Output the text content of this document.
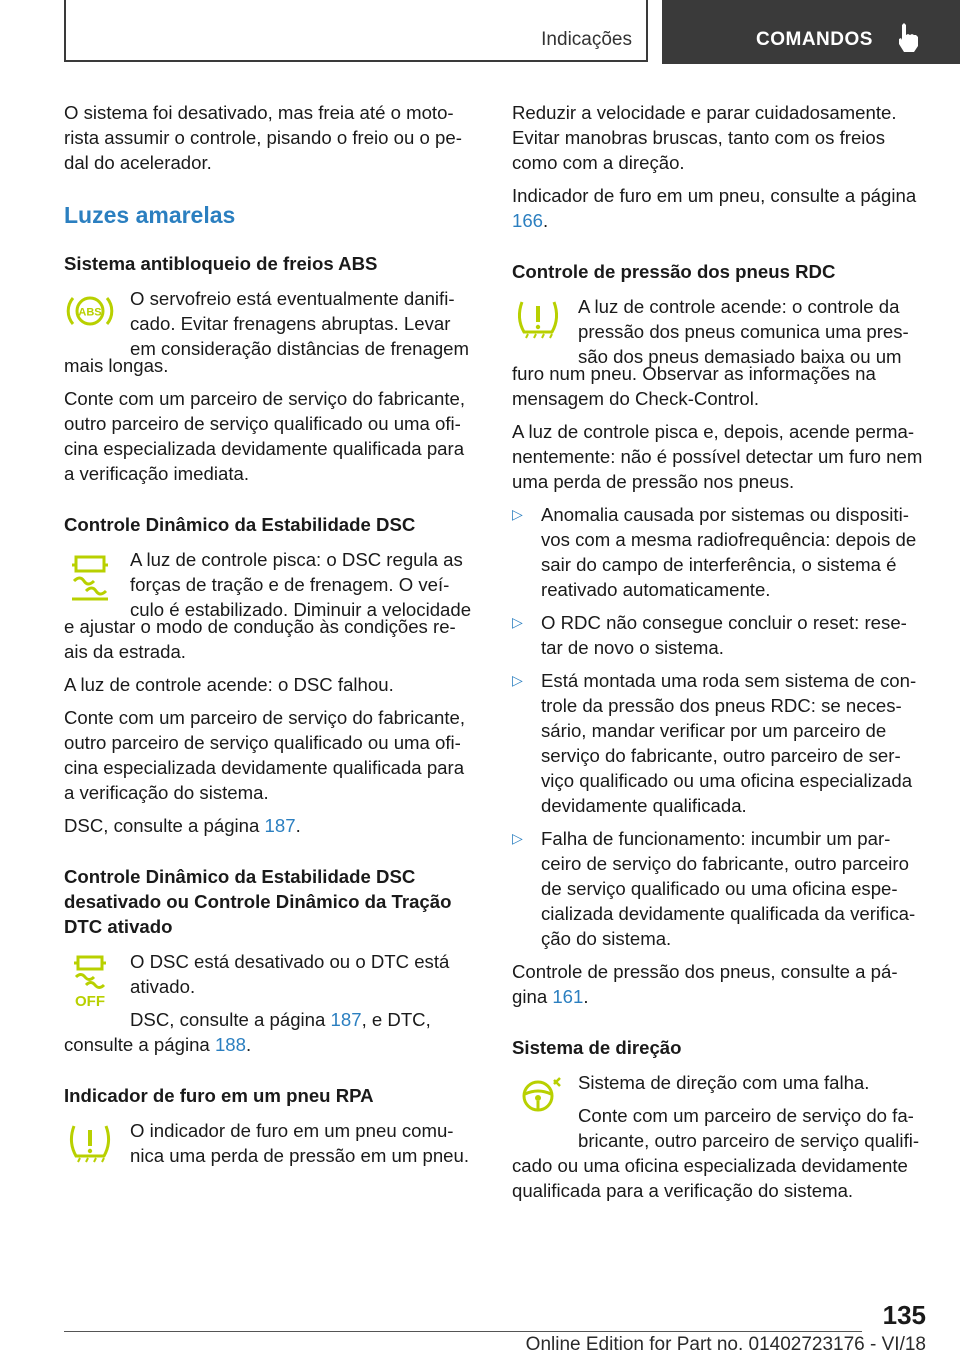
Indicações	COMANDOS

O sistema foi desativado, mas freia até o moto-rista assumir o controle, pisando o freio ou o pe-dal do acelerador.

Luzes amarelas
Sistema antibloqueio de freios ABS
ABS
O servofreio está eventualmente danifi-cado. Evitar frenagens abruptas. Levar em consideração distâncias de frenagem

mais longas.

Conte com um parceiro de serviço do fabricante, outro parceiro de serviço qualificado ou uma ofi-cina especializada devidamente qualificada para a verificação imediata.

Controle Dinâmico da Estabilidade DSC
A luz de controle pisca: o DSC regula as forças de tração e de frenagem. O veí-culo é estabilizado. Diminuir a velocidade

e ajustar o modo de condução às condições re-ais da estrada.

A luz de controle acende: o DSC falhou.

Conte com um parceiro de serviço do fabricante, outro parceiro de serviço qualificado ou uma ofi-cina especializada devidamente qualificada para a verificação do sistema.

DSC, consulte a página 187.

Controle Dinâmico da Estabilidade DSC desativado ou Controle Dinâmico da Tração DTC ativado
OFF

O DSC está desativado ou o DTC está ativado.

DSC, consulte a página 187, e DTC,

consulte a página 188.

Indicador de furo em um pneu RPA
O indicador de furo em um pneu comu-nica uma perda de pressão em um pneu.

Reduzir a velocidade e parar cuidadosamente. Evitar manobras bruscas, tanto com os freios como com a direção.

Indicador de furo em um pneu, consulte a página 166.

Controle de pressão dos pneus RDC
A luz de controle acende: o controle da pressão dos pneus comunica uma pres-são dos pneus demasiado baixa ou um

furo num pneu. Observar as informações na mensagem do Check-Control.

A luz de controle pisca e, depois, acende perma-nentemente: não é possível detectar um furo nem uma perda de pressão nos pneus.

▷ Anomalia causada por sistemas ou dispositi-vos com a mesma radiofrequência: depois de sair do campo de interferência, o sistema é reativado automaticamente.
▷ O RDC não consegue concluir o reset: rese-tar de novo o sistema.
▷ Está montada uma roda sem sistema de con-trole da pressão dos pneus RDC: se neces-sário, mandar verificar por um parceiro de serviço do fabricante, outro parceiro de ser-viço qualificado ou uma oficina especializada devidamente qualificada.
▷ Falha de funcionamento: incumbir um par-ceiro de serviço do fabricante, outro parceiro de serviço qualificado ou uma oficina espe-cializada devidamente qualificada da verifica-ção do sistema.

Controle de pressão dos pneus, consulte a pá-gina 161.

Sistema de direção

Sistema de direção com uma falha.

Conte com um parceiro de serviço do fa-bricante, outro parceiro de serviço qualifi-

cado ou uma oficina especializada devidamente qualificada para a verificação do sistema.

135
Online Edition for Part no. 01402723176 - VI/18
